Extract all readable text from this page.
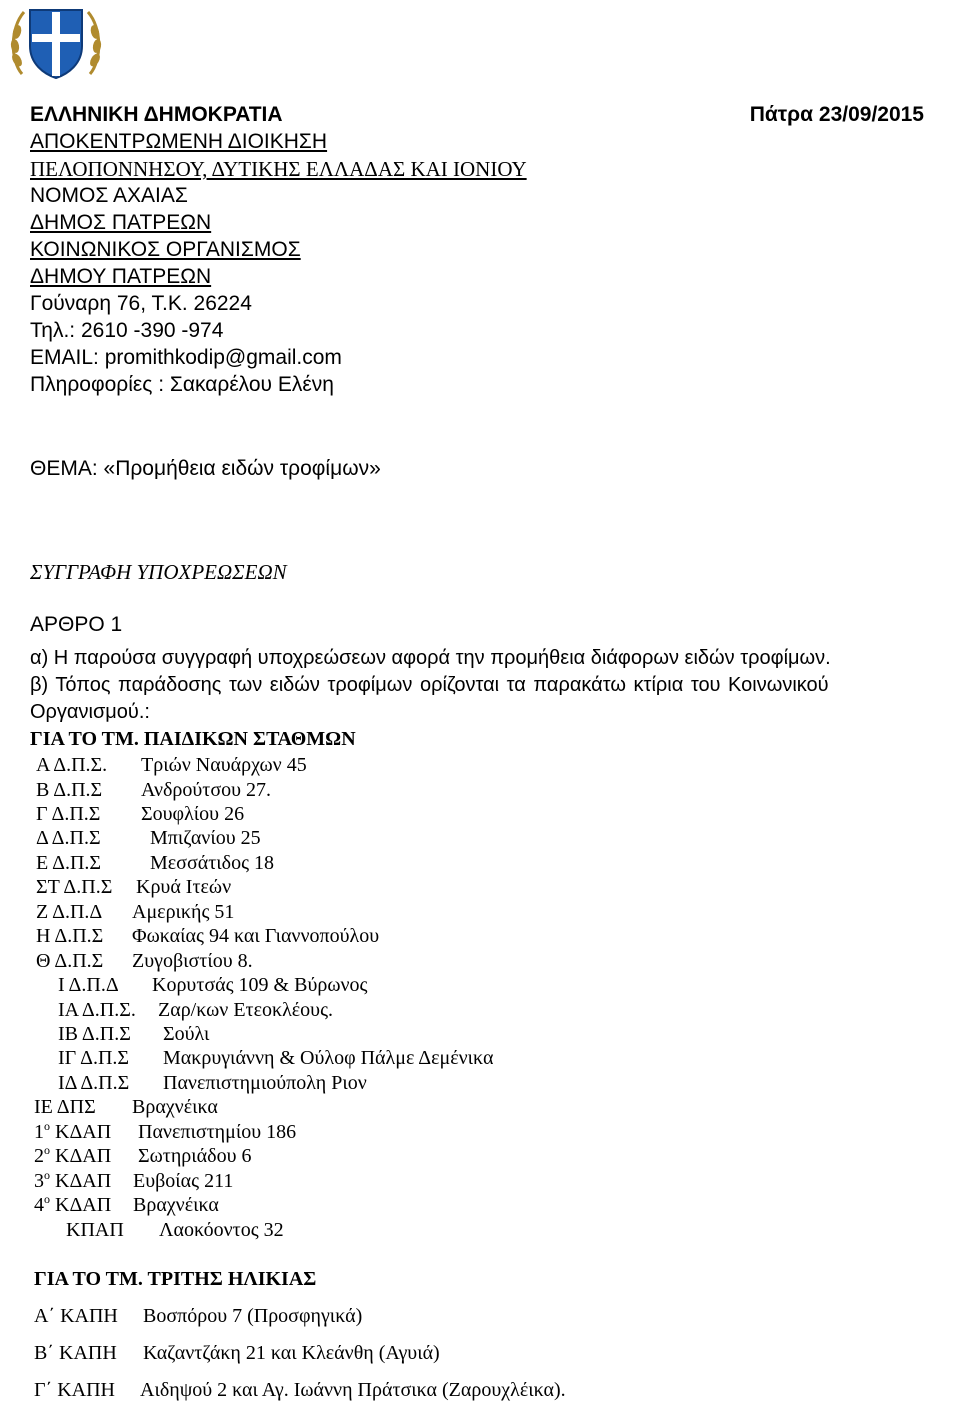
ΕΛΛΗΝΙΚΗ ΔΗΜΟΚΡΑΤΙΑ
ΑΠΟΚΕΝΤΡΩΜΕΝΗ ΔΙΟΙΚΗΣΗ
ΠΕΛΟΠΟΝΝΗΣΟΥ, ΔΥΤΙΚΗΣ ΕΛΛΑΔΑΣ ΚΑΙ ΙΟΝΙΟΥ
ΝΟΜΟΣ ΑΧΑΙΑΣ
ΔΗΜΟΣ ΠΑΤΡΕΩΝ
ΚΟΙΝΩΝΙΚΟΣ ΟΡΓΑΝΙΣΜΟΣ
ΔΗΜΟΥ ΠΑΤΡΕΩΝ
Γούναρη 76, Τ.Κ. 26224
Τηλ.: 2610 -390 -974
EMAIL: promithkodip@gmail.com
Πληροφορίες : Σακαρέλου Ελένη
Πάτρα 23/09/2015
ΘΕΜΑ: «Προμήθεια ειδών τροφίμων»
ΣΥΓΓΡΑΦΗ ΥΠΟΧΡΕΩΣΕΩΝ
ΑΡΘΡΟ 1
α) Η παρούσα συγγραφή υποχρεώσεων αφορά την προμήθεια διάφορων ειδών τροφίμων.
β) Τόπος παράδοσης των ειδών τροφίμων ορίζονται τα παρακάτω κτίρια του Κοινωνικού
Οργανισμού.:
ΓΙΑ ΤΟ ΤΜ. ΠΑΙΔΙΚΩΝ ΣΤΑΘΜΩΝ
Α Δ.Π.Σ. Τριών Ναυάρχων 45
Β Δ.Π.Σ Ανδρούτσου 27.
Γ Δ.Π.Σ Σουφλίου 26
Δ Δ.Π.Σ Μπιζανίου 25
Ε Δ.Π.Σ Μεσσάτιδος 18
ΣΤ Δ.Π.Σ Κρυά Ιτεών
Ζ Δ.Π.Δ Αμερικής 51
Η Δ.Π.Σ Φωκαίας 94 και Γιαννοπούλου
Θ Δ.Π.Σ Ζυγοβιστίου 8.
Ι Δ.Π.Δ Κορυτσάς 109 & Βύρωνος
ΙΑ Δ.Π.Σ. Ζαρ/κων Ετεοκλέους.
ΙΒ Δ.Π.Σ Σούλι
ΙΓ Δ.Π.Σ Μακρυγιάννη & Ούλοφ Πάλμε Δεμένικα
ΙΔ Δ.Π.Σ Πανεπιστημιούπολη Ριον
ΙΕ ΔΠΣ Βραχνέικα
$1^o$ ΚΔΑΠ Πανεπιστημίου 186
$2^o$ ΚΔΑΠ Σωτηριάδου 6
$3^o$ ΚΔΑΠ Ευβοίας 211
$4^o$ ΚΔΑΠ Βραχνέικα
ΚΠΑΠ Λαοκόοντος 32
ΓΙΑ ΤΟ ΤΜ. ΤΡΙΤΗΣ ΗΛΙΚΙΑΣ
Α΄ ΚΑΠΗ Βοσπόρου 7 (Προσφηγικά)
Β΄ ΚΑΠΗ Καζαντζάκη 21 και Κλεάνθη (Αγυιά)
Γ΄ ΚΑΠΗ Αιδηψού 2 και Αγ. Ιωάννη Πράτσικα (Ζαρουχλέικα).
